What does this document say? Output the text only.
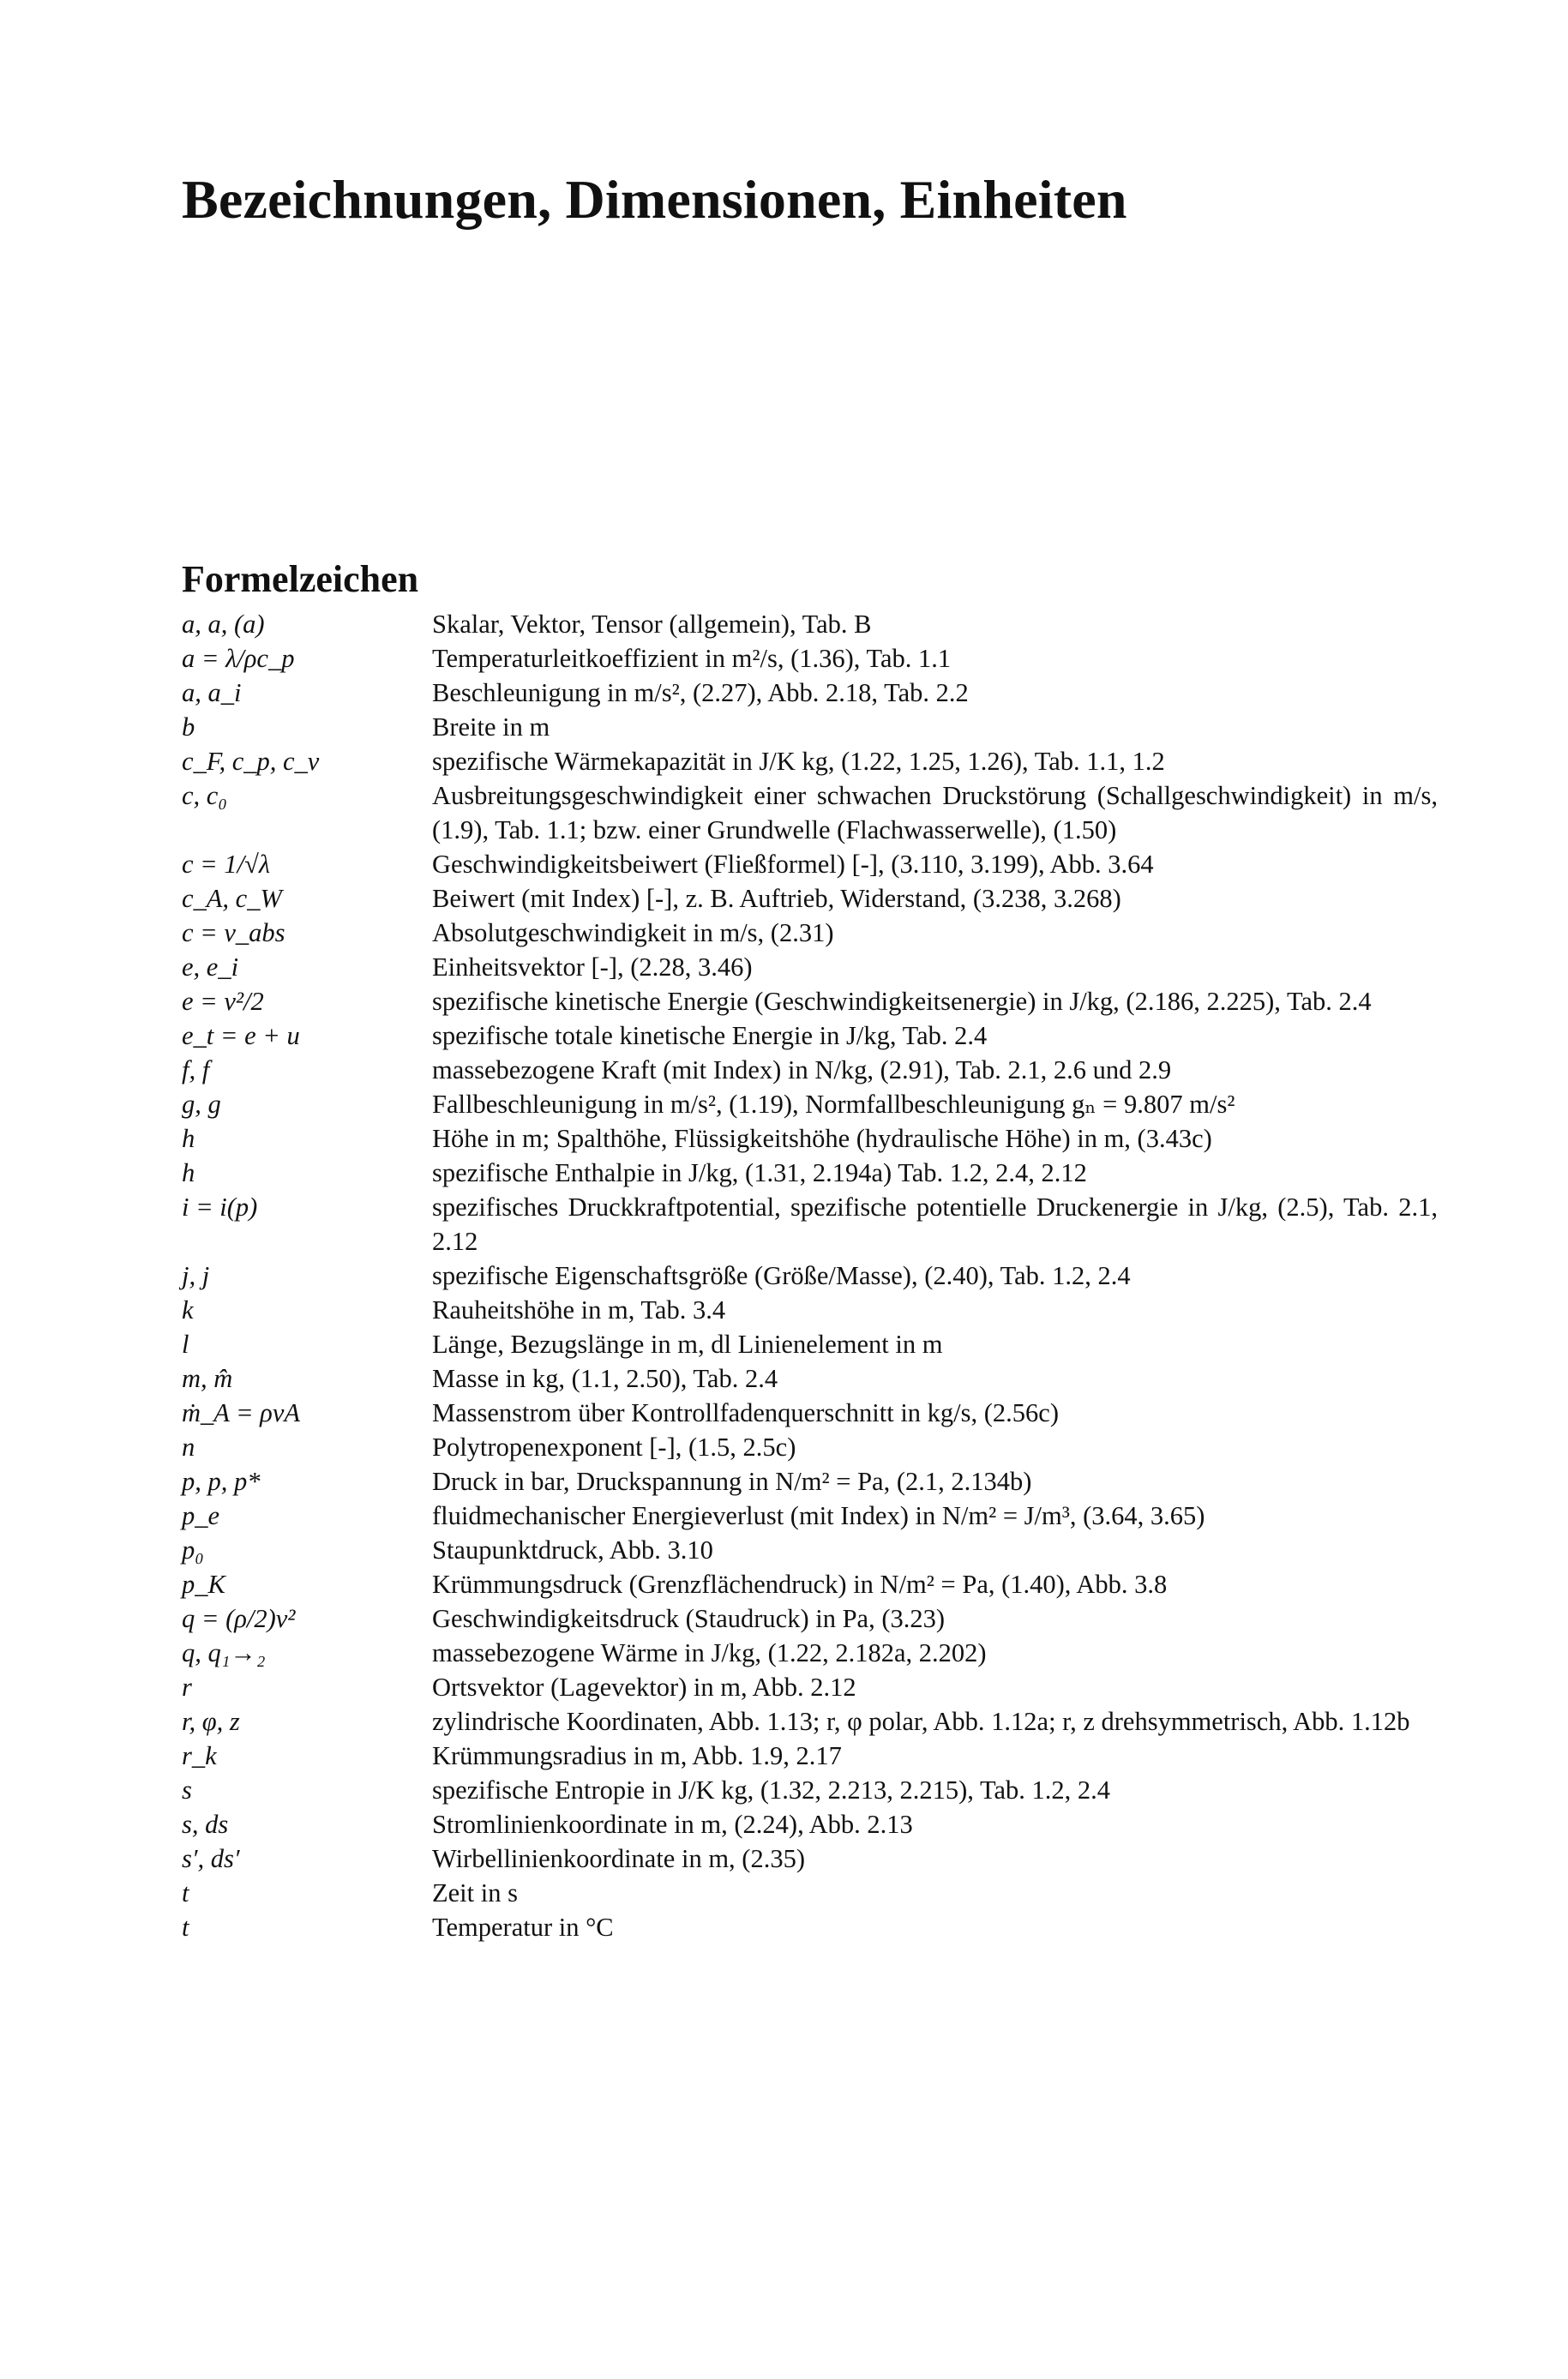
Bezeichnungen, Dimensionen, Einheiten
Formelzeichen
a, a, (a)	Skalar, Vektor, Tensor (allgemein), Tab. B
a = λ/ρc_p	Temperaturleitkoeffizient in m²/s, (1.36), Tab. 1.1
a, a_i	Beschleunigung in m/s², (2.27), Abb. 2.18, Tab. 2.2
b	Breite in m
c_F, c_p, c_v	spezifische Wärmekapazität in J/K kg, (1.22, 1.25, 1.26), Tab. 1.1, 1.2
c, c₀	Ausbreitungsgeschwindigkeit einer schwachen Druckstörung (Schallgeschwindigkeit) in m/s, (1.9), Tab. 1.1; bzw. einer Grundwelle (Flachwasserwelle), (1.50)
c = 1/√λ	Geschwindigkeitsbeiwert (Fließformel) [-], (3.110, 3.199), Abb. 3.64
c_A, c_W	Beiwert (mit Index) [-], z. B. Auftrieb, Widerstand, (3.238, 3.268)
c = v_abs	Absolutgeschwindigkeit in m/s, (2.31)
e, e_i	Einheitsvektor [-], (2.28, 3.46)
e = v²/2	spezifische kinetische Energie (Geschwindigkeitsenergie) in J/kg, (2.186, 2.225), Tab. 2.4
e_t = e + u	spezifische totale kinetische Energie in J/kg, Tab. 2.4
f, f	massebezogene Kraft (mit Index) in N/kg, (2.91), Tab. 2.1, 2.6 und 2.9
g, g	Fallbeschleunigung in m/s², (1.19), Normfallbeschleunigung gₙ = 9.807 m/s²
h	Höhe in m; Spalthöhe, Flüssigkeitshöhe (hydraulische Höhe) in m, (3.43c)
h	spezifische Enthalpie in J/kg, (1.31, 2.194a) Tab. 1.2, 2.4, 2.12
i = i(p)	spezifisches Druckkraftpotential, spezifische potentielle Druckenergie in J/kg, (2.5), Tab. 2.1, 2.12
j, j	spezifische Eigenschaftsgröße (Größe/Masse), (2.40), Tab. 1.2, 2.4
k	Rauheitshöhe in m, Tab. 3.4
l	Länge, Bezugslänge in m, dl Linienelement in m
m, m̂	Masse in kg, (1.1, 2.50), Tab. 2.4
ṁ_A = ρvA	Massenstrom über Kontrollfadenquerschnitt in kg/s, (2.56c)
n	Polytropenexponent [-], (1.5, 2.5c)
p, p, p*	Druck in bar, Druckspannung in N/m² = Pa, (2.1, 2.134b)
p_e	fluidmechanischer Energieverlust (mit Index) in N/m² = J/m³, (3.64, 3.65)
p₀	Staupunktdruck, Abb. 3.10
p_K	Krümmungsdruck (Grenzflächendruck) in N/m² = Pa, (1.40), Abb. 3.8
q = (ρ/2)v²	Geschwindigkeitsdruck (Staudruck) in Pa, (3.23)
q, q₁→₂	massebezogene Wärme in J/kg, (1.22, 2.182a, 2.202)
r	Ortsvektor (Lagevektor) in m, Abb. 2.12
r, φ, z	zylindrische Koordinaten, Abb. 1.13; r, φ polar, Abb. 1.12a; r, z drehsymmetrisch, Abb. 1.12b
r_k	Krümmungsradius in m, Abb. 1.9, 2.17
s	spezifische Entropie in J/K kg, (1.32, 2.213, 2.215), Tab. 1.2, 2.4
s, ds	Stromlinienkoordinate in m, (2.24), Abb. 2.13
s′, ds′	Wirbellinienkoordinate in m, (2.35)
t	Zeit in s
t	Temperatur in °C
